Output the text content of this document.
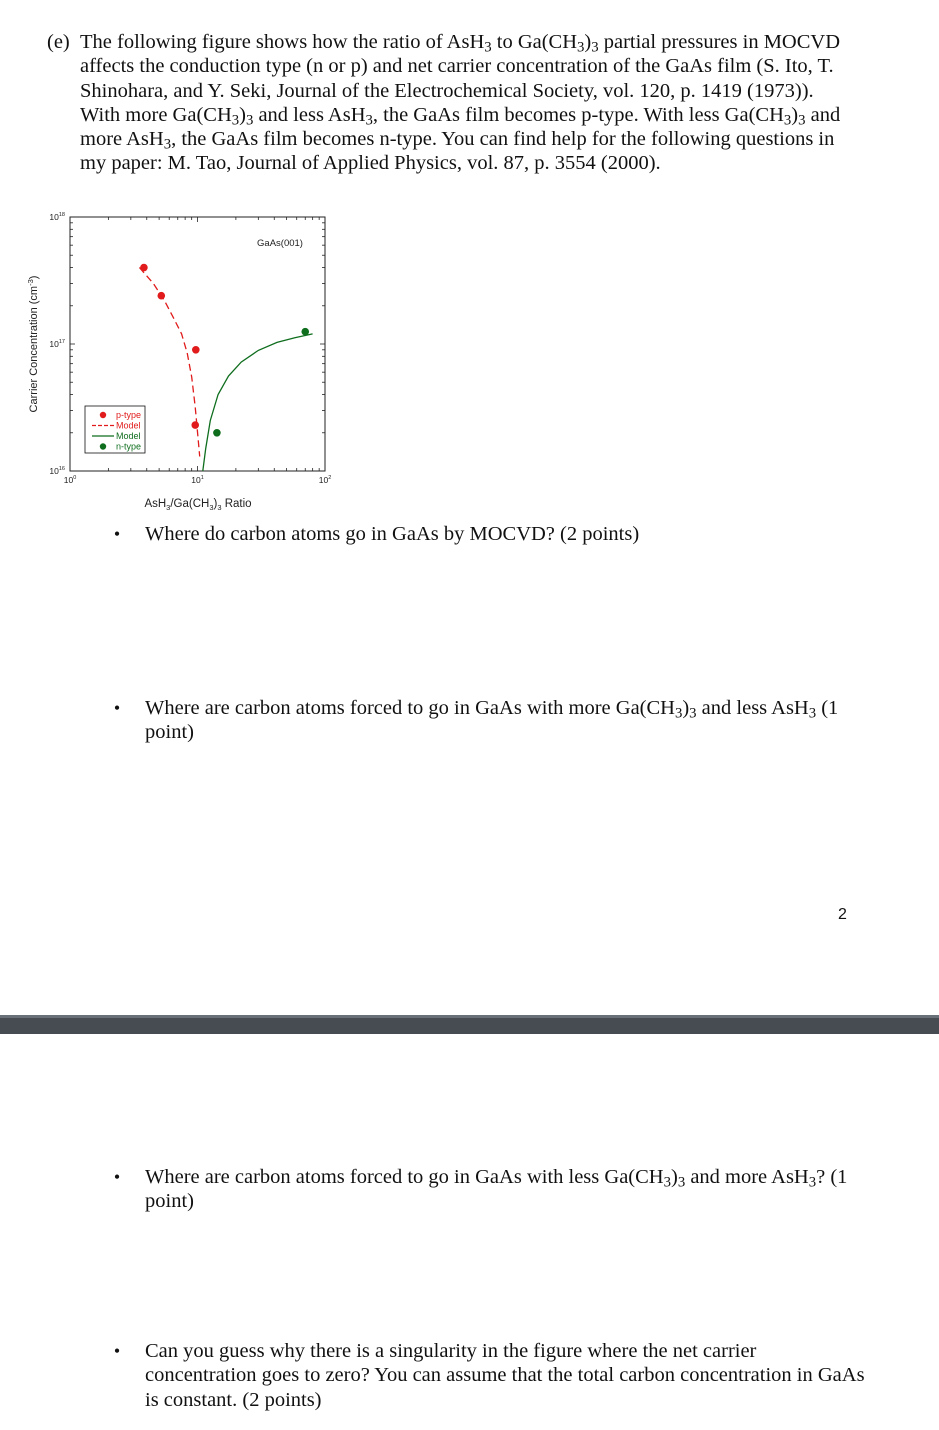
(e) The following figure shows how the ratio of AsH$_3$ to $Ga(CH_3)_3$ partial pressures in MOCVD affects the conduction type (n or p) and net carrier concentration of the GaAs film (S. Ito, T. Shinohara, and Y. Seki, Journal of the Electrochemical Society, vol. 120, p. 1419 (1973)). With more $Ga(CH_3)_3$ and less AsH$_3$, the GaAs film becomes p-type. With less $Ga(CH_3)_3$ and more AsH$_3$, the GaAs film becomes n-type. You can find help for the following questions in my paper: M. Tao, Journal of Applied Physics, vol. 87, p. 3554 (2000).
$10^0$	$10^1$	$10^2$
$10^{16}$
$10^{17}$
$10^{18}$
GaAs(001)
$AsH_3/Ga(CH_3)_3$ Ratio
Carrier Concentration $(cm^{-3})$
p-type
Model
Model
n-type
• Where do carbon atoms go in GaAs by MOCVD? (2 points)
• Where are carbon atoms forced to go in GaAs with more $Ga(CH_3)_3$ and less AsH$_3$ (1 point)
• Where are carbon atoms forced to go in GaAs with less $Ga(CH_3)_3$ and more AsH$_3$? (1 point)
• Can you guess why there is a singularity in the figure where the net carrier concentration goes to zero? You can assume that the total carbon concentration in GaAs is constant. (2 points)
2
